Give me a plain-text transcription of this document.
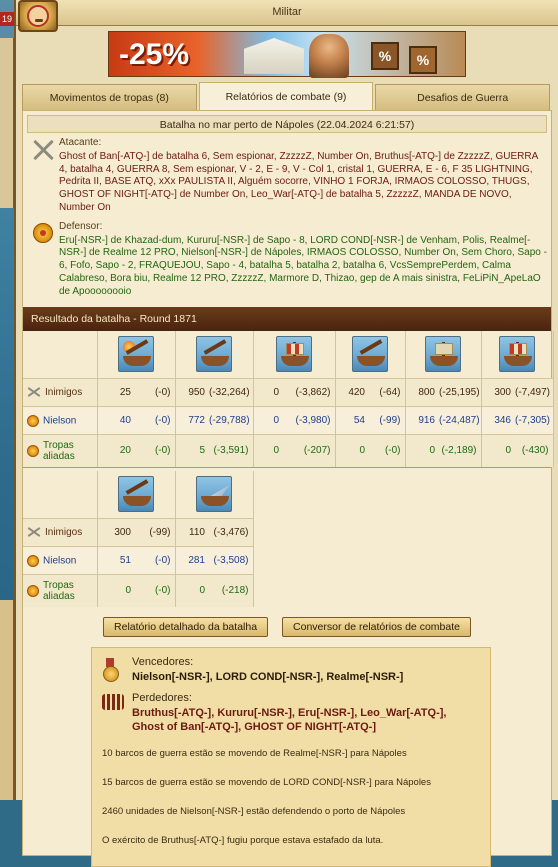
19
Militar
-25%	%	%
Movimentos de tropas (8)	Relatórios de combate (9)	Desafios de Guerra
Batalha no mar perto de Nápoles (22.04.2024 6:21:57)
Atacante:
Ghost of Ban[-ATQ-] de batalha 6, Sem espionar, ZzzzzZ, Number On, Bruthus[-ATQ-] de ZzzzzZ, GUERRA 4, batalha 4, GUERRA 8, Sem espionar, V - 2, E - 9, V - Col 1, cristal 1, GUERRA, E - 6, F 35 LIGHTNING, Pedrita II, BASE ATQ, xXx PAULISTA II, Alguém socorre, VINHO 1 FORJA, IRMAOS COLOSSO, THUGS, GHOST OF NIGHT[-ATQ-] de Number On, Leo_War[-ATQ-] de batalha 5, ZzzzzZ, MANDA DE NOVO, Number On
Defensor:
Eru[-NSR-] de Khazad-dum, Kururu[-NSR-] de Sapo - 8, LORD COND[-NSR-] de Venham, Polis, Realme[-NSR-] de Realme 12 PRO, Nielson[-NSR-] de Nápoles, IRMAOS COLOSSO, Number On, Sem Choro, Sapo - 6, Fofo, Sapo - 2, FRAQUEJOU, Sapo - 4, batalha 5, batalha 2, batalha 6, VcsSemprePerdem, Calma Calabreso, Bora biu, Realme 12 PRO, ZzzzzZ, Marmore D, Thizao, gep de A mais sinistra, FeLiPiN_ApeLaO de Apoooooooio
Resultado da batalha - Round 1871

Inimigos	25	(-0)	950	(-32,264)	0	(-3,862)	420	(-64)	800	(-25,195)	300	(-7,497)
Nielson	40	(-0)	772	(-29,788)	0	(-3,980)	54	(-99)	916	(-24,487)	346	(-7,305)
Tropas aliadas	20	(-0)	5	(-3,591)	0	(-207)	0	(-0)	0	(-2,189)	0	(-430)

Inimigos	300	(-99)	110	(-3,476)
Nielson	51	(-0)	281	(-3,508)
Tropas aliadas	0	(-0)	0	(-218)
Relatório detalhado da batalha	Conversor de relatórios de combate
Vencedores:
Nielson[-NSR-], LORD COND[-NSR-], Realme[-NSR-]
Perdedores:
Bruthus[-ATQ-], Kururu[-NSR-], Eru[-NSR-], Leo_War[-ATQ-], Ghost of Ban[-ATQ-], GHOST OF NIGHT[-ATQ-]
10 barcos de guerra estão se movendo de Realme[-NSR-] para Nápoles
15 barcos de guerra estão se movendo de LORD COND[-NSR-] para Nápoles
2460 unidades de Nielson[-NSR-] estão defendendo o porto de Nápoles
O exército de Bruthus[-ATQ-] fugiu porque estava estafado da luta.
